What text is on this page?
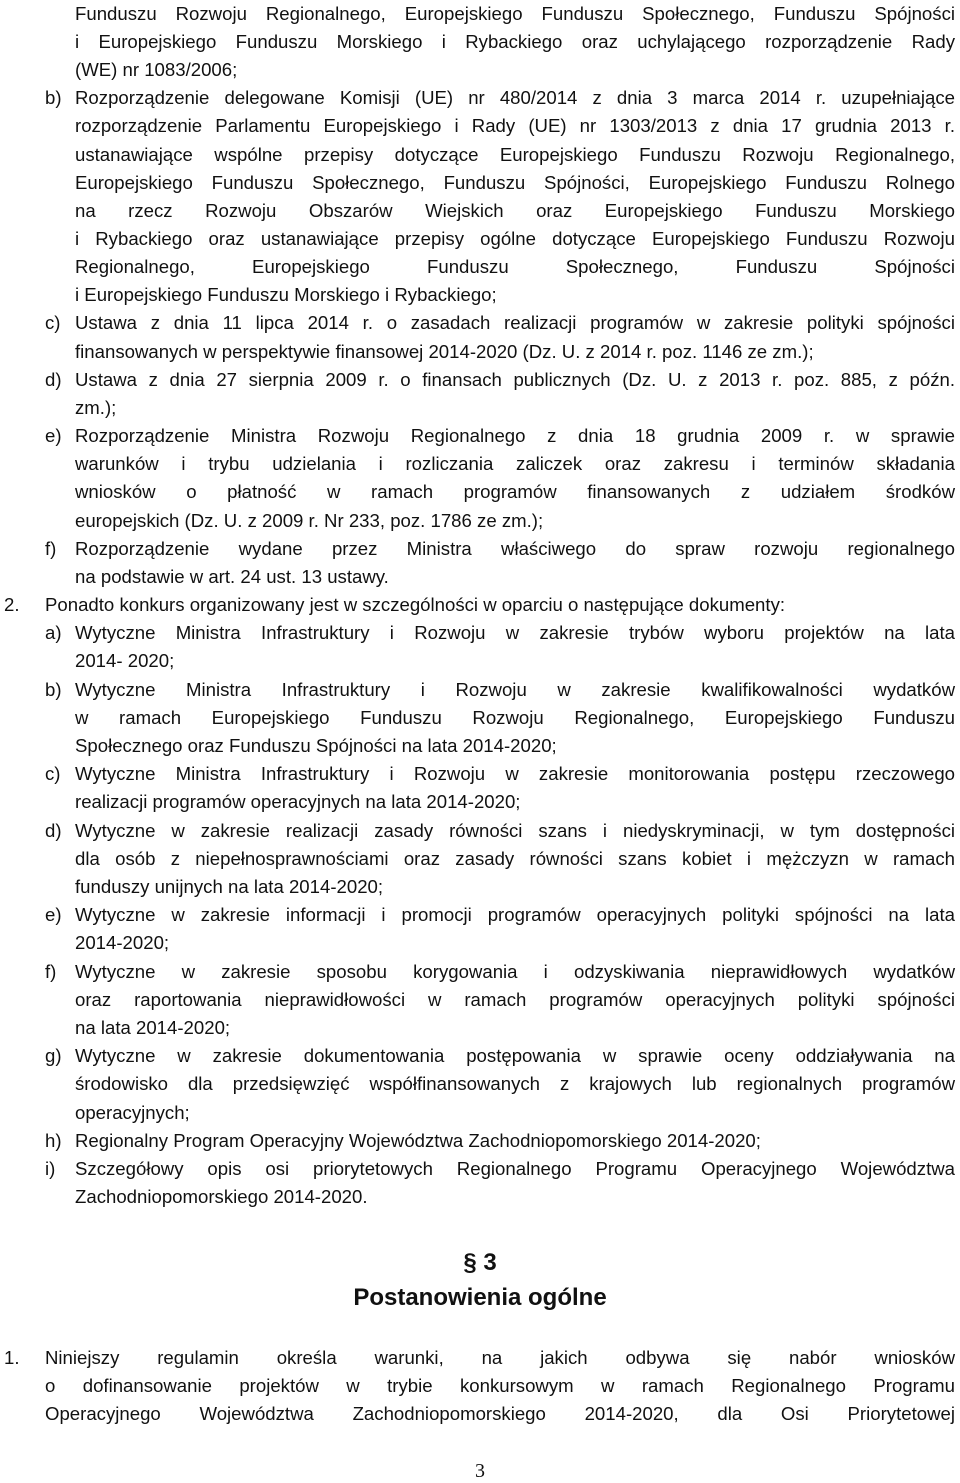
Funduszu Rozwoju Regionalnego, Europejskiego Funduszu Społecznego, Funduszu Spójności
i Europejskiego Funduszu Morskiego i Rybackiego oraz uchylającego rozporządzenie Rady
(WE) nr 1083/2006;
b) Rozporządzenie delegowane Komisji (UE) nr 480/2014 z dnia 3 marca 2014 r. uzupełniające
rozporządzenie Parlamentu Europejskiego i Rady (UE) nr 1303/2013 z dnia 17 grudnia 2013 r.
ustanawiające wspólne przepisy dotyczące Europejskiego Funduszu Rozwoju Regionalnego,
Europejskiego Funduszu Społecznego, Funduszu Spójności, Europejskiego Funduszu Rolnego
na rzecz Rozwoju Obszarów Wiejskich oraz Europejskiego Funduszu Morskiego
i Rybackiego oraz ustanawiające przepisy ogólne dotyczące Europejskiego Funduszu Rozwoju
Regionalnego, Europejskiego Funduszu Społecznego, Funduszu Spójności
i Europejskiego Funduszu Morskiego i Rybackiego;
c) Ustawa z dnia 11 lipca 2014 r. o zasadach realizacji programów w zakresie polityki spójności
finansowanych w perspektywie finansowej 2014-2020 (Dz. U. z 2014 r. poz. 1146 ze zm.);
d) Ustawa z dnia 27 sierpnia 2009 r. o finansach publicznych (Dz. U. z 2013 r. poz. 885, z późn.
zm.);
e) Rozporządzenie Ministra Rozwoju Regionalnego z dnia 18 grudnia 2009 r. w sprawie
warunków i trybu udzielania i rozliczania zaliczek oraz zakresu i terminów składania
wniosków o płatność w ramach programów finansowanych z udziałem środków
europejskich (Dz. U. z 2009 r. Nr 233, poz. 1786 ze zm.);
f) Rozporządzenie wydane przez Ministra właściwego do spraw rozwoju regionalnego
na podstawie w art. 24 ust. 13 ustawy.
2. Ponadto konkurs organizowany jest w szczególności w oparciu o następujące dokumenty:
a) Wytyczne Ministra Infrastruktury i Rozwoju w zakresie trybów wyboru projektów na lata
2014- 2020;
b) Wytyczne Ministra Infrastruktury i Rozwoju w zakresie kwalifikowalności wydatków
w ramach Europejskiego Funduszu Rozwoju Regionalnego, Europejskiego Funduszu
Społecznego oraz Funduszu Spójności na lata 2014-2020;
c) Wytyczne Ministra Infrastruktury i Rozwoju w zakresie monitorowania postępu rzeczowego
realizacji programów operacyjnych na lata 2014-2020;
d) Wytyczne w zakresie realizacji zasady równości szans i niedyskryminacji, w tym dostępności
dla osób z niepełnosprawnościami oraz zasady równości szans kobiet i mężczyzn w ramach
funduszy unijnych na lata 2014-2020;
e) Wytyczne w zakresie informacji i promocji programów operacyjnych polityki spójności na lata
2014-2020;
f) Wytyczne w zakresie sposobu korygowania i odzyskiwania nieprawidłowych wydatków
oraz raportowania nieprawidłowości w ramach programów operacyjnych polityki spójności
na lata 2014-2020;
g) Wytyczne w zakresie dokumentowania postępowania w sprawie oceny oddziaływania na
środowisko dla przedsięwzięć współfinansowanych z krajowych lub regionalnych programów
operacyjnych;
h) Regionalny Program Operacyjny Województwa Zachodniopomorskiego 2014-2020;
i) Szczegółowy opis osi priorytetowych Regionalnego Programu Operacyjnego Województwa
Zachodniopomorskiego 2014-2020.
§ 3
Postanowienia ogólne
1. Niniejszy regulamin określa warunki, na jakich odbywa się nabór wniosków
o dofinansowanie projektów w trybie konkursowym w ramach Regionalnego Programu
Operacyjnego Województwa Zachodniopomorskiego 2014-2020, dla Osi Priorytetowej
3
